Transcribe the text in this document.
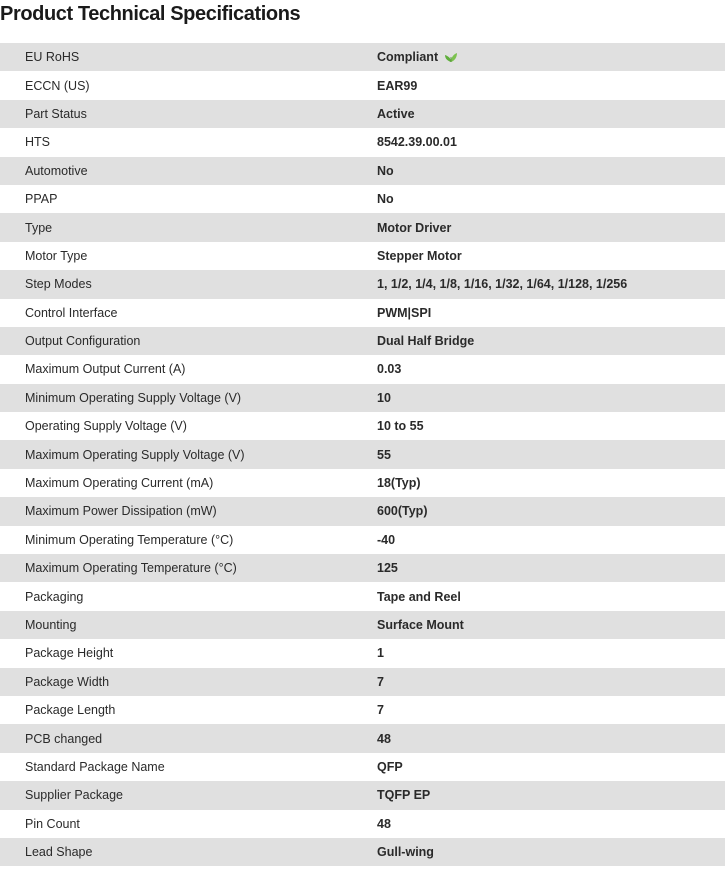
Product Technical Specifications
EU RoHS	Compliant
ECCN (US)	EAR99
Part Status	Active
HTS	8542.39.00.01
Automotive	No
PPAP	No
Type	Motor Driver
Motor Type	Stepper Motor
Step Modes	1, 1/2, 1/4, 1/8, 1/16, 1/32, 1/64, 1/128, 1/256
Control Interface	PWM|SPI
Output Configuration	Dual Half Bridge
Maximum Output Current (A)	0.03
Minimum Operating Supply Voltage (V)	10
Operating Supply Voltage (V)	10 to 55
Maximum Operating Supply Voltage (V)	55
Maximum Operating Current (mA)	18(Typ)
Maximum Power Dissipation (mW)	600(Typ)
Minimum Operating Temperature (°C)	-40
Maximum Operating Temperature (°C)	125
Packaging	Tape and Reel
Mounting	Surface Mount
Package Height	1
Package Width	7
Package Length	7
PCB changed	48
Standard Package Name	QFP
Supplier Package	TQFP EP
Pin Count	48
Lead Shape	Gull-wing
